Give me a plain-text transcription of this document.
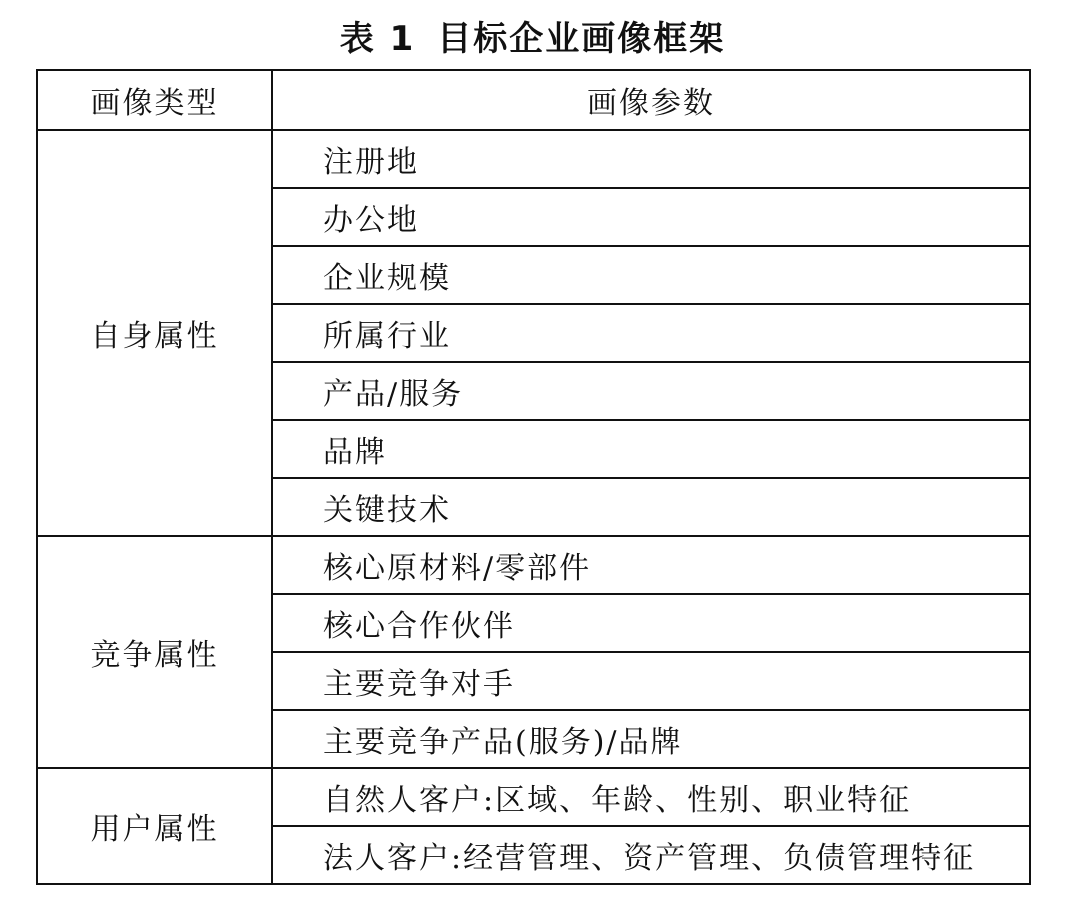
表 1 目标企业画像框架
画像类型	画像参数
自身属性	注册地
	办公地
	企业规模
	所属行业
	产品/服务
	品牌
	关键技术
竞争属性	核心原材料/零部件
	核心合作伙伴
	主要竞争对手
	主要竞争产品(服务)/品牌
用户属性	自然人客户:区域、年龄、性别、职业特征
	法人客户:经营管理、资产管理、负债管理特征
